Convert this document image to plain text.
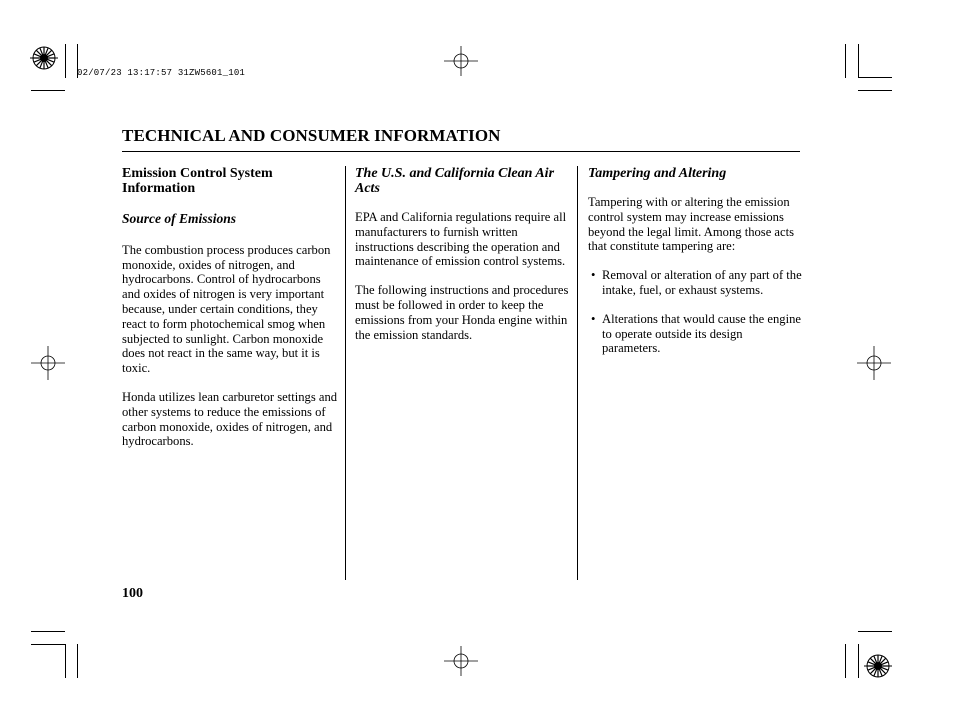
02/07/23 13:17:57 31ZW5601_101
TECHNICAL AND CONSUMER INFORMATION

Emission Control System Information

Source of Emissions

The combustion process produces carbon monoxide, oxides of nitrogen, and hydrocarbons. Control of hydrocarbons and oxides of nitrogen is very important because, under certain conditions, they react to form photochemical smog when subjected to sunlight. Carbon monoxide does not react in the same way, but it is toxic.

Honda utilizes lean carburetor settings and other systems to reduce the emissions of carbon monoxide, oxides of nitrogen, and hydrocarbons.

The U.S. and California Clean Air Acts

EPA and California regulations require all manufacturers to furnish written instructions describing the operation and maintenance of emission control systems.

The following instructions and procedures must be followed in order to keep the emissions from your Honda engine within the emission standards.

Tampering and Altering

Tampering with or altering the emission control system may increase emissions beyond the legal limit. Among those acts that constitute tampering are:

• Removal or alteration of any part of the intake, fuel, or exhaust systems.
• Alterations that would cause the engine to operate outside its design parameters.
100
